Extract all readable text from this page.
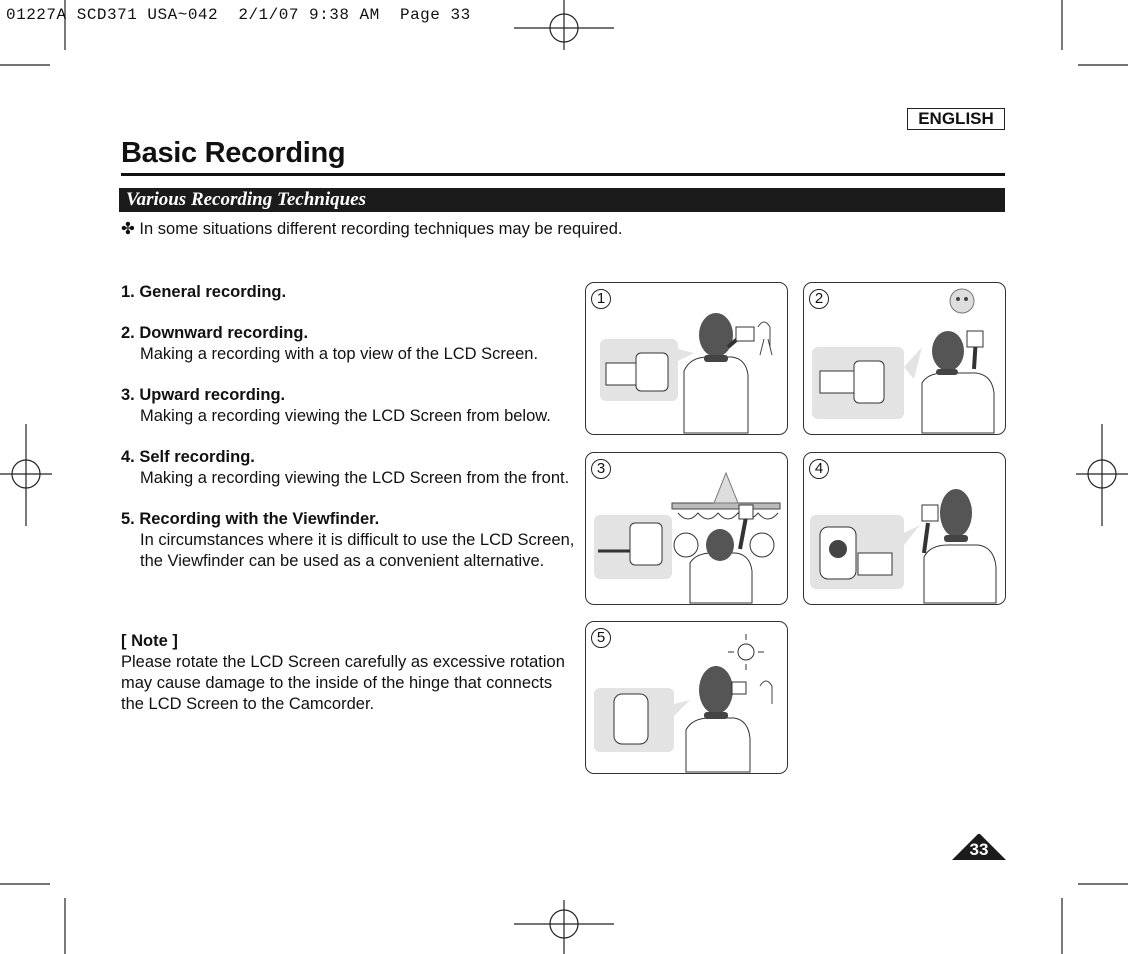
01227A SCD371 USA~042  2/1/07 9:38 AM  Page 33
ENGLISH
Basic Recording
Various Recording Techniques
✤ In some situations different recording techniques may be required.
1. General recording.
2. Downward recording.
Making a recording with a top view of the LCD Screen.
3. Upward recording.
Making a recording viewing the LCD Screen from below.
4. Self recording.
Making a recording viewing the LCD Screen from the front.
5. Recording with the Viewfinder.
In circumstances where it is difficult to use the LCD Screen,
the Viewfinder can be used as a convenient alternative.
[ Note ]
Please rotate the LCD Screen carefully as excessive rotation
may cause damage to the inside of the hinge that connects
the LCD Screen to the Camcorder.
1	2
3	4
5
33
